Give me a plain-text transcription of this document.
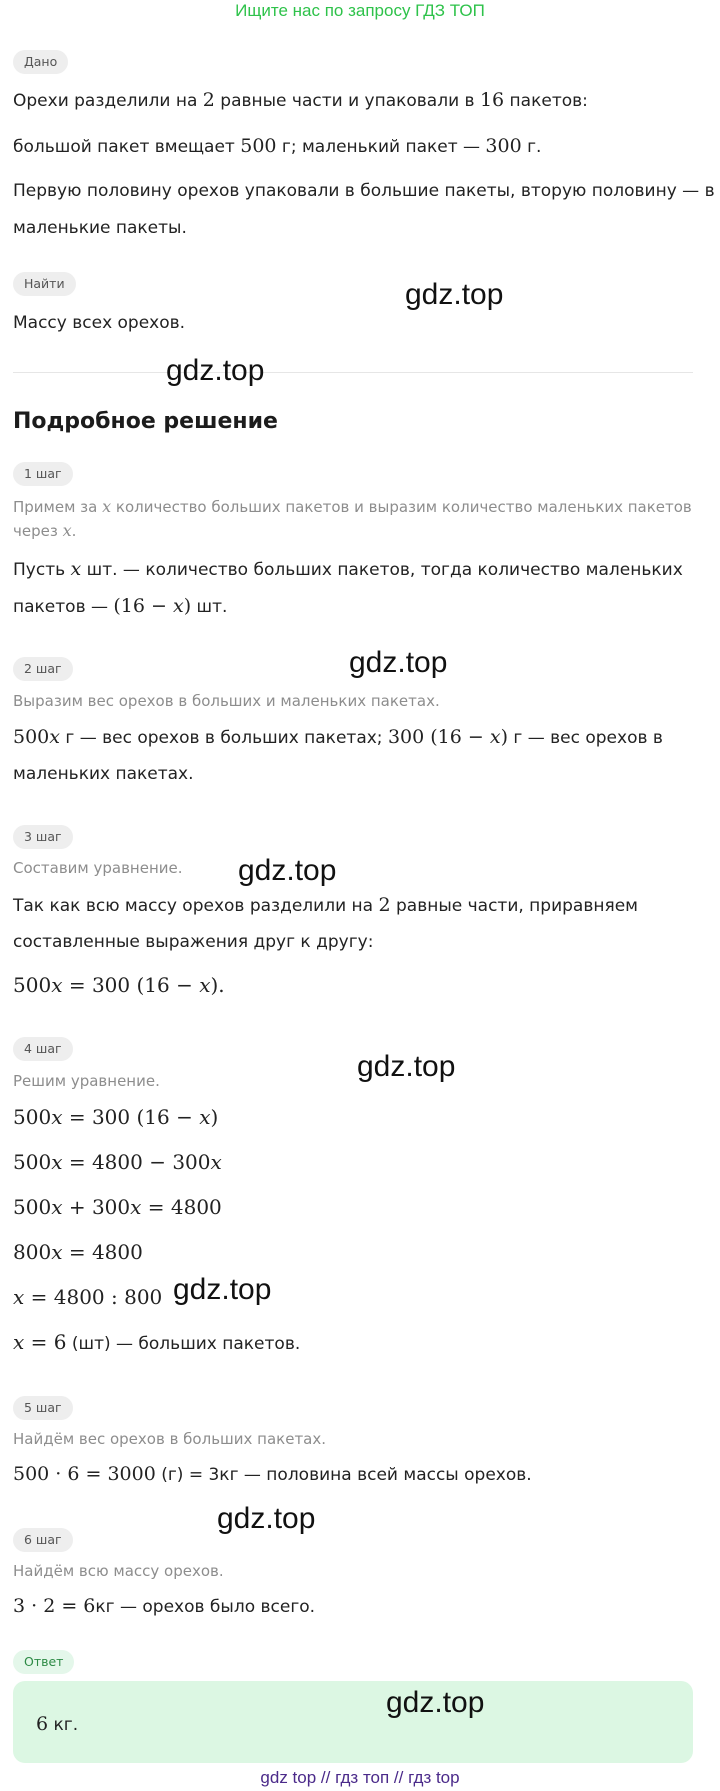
Ищите нас по запросу ГДЗ ТОП
Дано
Орехи разделили на 2 равные части и упаковали в 16 пакетов:
большой пакет вмещает 500 г; маленький пакет — 300 г.
Первую половину орехов упаковали в большие пакеты, вторую половину — в
маленькие пакеты.
Найти
Массу всех орехов.
Подробное решение
1 шаг
Примем за x количество больших пакетов и выразим количество маленьких пакетов
через x.
Пусть x шт. — количество больших пакетов, тогда количество маленьких
пакетов — (16 − x) шт.
2 шаг
Выразим вес орехов в больших и маленьких пакетах.
500x г — вес орехов в больших пакетах; 300 (16 − x) г — вес орехов в
маленьких пакетах.
3 шаг
Составим уравнение.
Так как всю массу орехов разделили на 2 равные части, приравняем
составленные выражения друг к другу:
500x = 300 (16 − x).
4 шаг
Решим уравнение.
500x = 300 (16 − x)
500x = 4800 − 300x
500x + 300x = 4800
800x = 4800
x = 4800 : 800
x = 6 (шт) — больших пакетов.
5 шаг
Найдём вес орехов в больших пакетах.
500 · 6 = 3000 (г) = 3кг — половина всей массы орехов.
6 шаг
Найдём всю массу орехов.
3 · 2 = 6кг — орехов было всего.
Ответ
6 кг.
gdz.top
gdz.top
gdz.top
gdz.top
gdz.top
gdz.top
gdz.top
gdz.top
gdz top // гдз топ // гдз top
